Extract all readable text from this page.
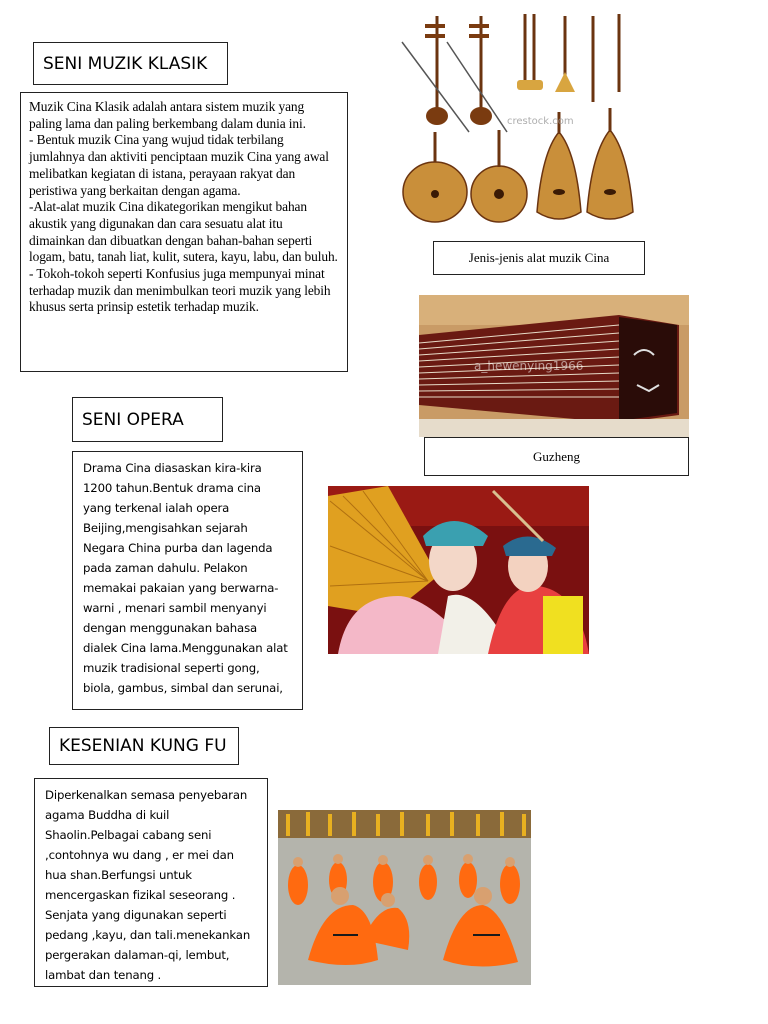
SENI MUZIK KLASIK

Muzik Cina Klasik adalah antara sistem muzik yang paling lama dan paling berkembang dalam dunia ini.

- Bentuk muzik Cina yang wujud tidak terbilang jumlahnya dan aktiviti penciptaan muzik Cina yang awal melibatkan kegiatan di istana, perayaan rakyat dan peristiwa yang berkaitan dengan agama.

-Alat-alat muzik Cina dikategorikan mengikut bahan akustik yang digunakan dan cara sesuatu alat itu dimainkan dan dibuatkan dengan bahan-bahan seperti logam, batu, tanah liat, kulit, sutera, kayu, labu, dan buluh.

- Tokoh-tokoh seperti Konfusius juga mempunyai minat terhadap muzik dan menimbulkan teori muzik yang lebih khusus serta prinsip estetik terhadap muzik.

crestock.com
Jenis-jenis alat muzik Cina
a_hewenying1966
Guzheng
SENI OPERA

Drama Cina diasaskan kira-kira 1200 tahun.Bentuk drama cina yang terkenal ialah opera Beijing,mengisahkan sejarah Negara China purba dan lagenda pada zaman dahulu. Pelakon memakai pakaian yang berwarna-warni , menari sambil menyanyi dengan menggunakan bahasa dialek Cina lama.Menggunakan alat muzik tradisional seperti gong, biola, gambus, simbal dan serunai,

KESENIAN KUNG FU

Diperkenalkan semasa penyebaran agama Buddha di kuil Shaolin.Pelbagai cabang seni ,contohnya wu dang , er mei dan hua shan.Berfungsi untuk mencergaskan fizikal seseorang . Senjata yang digunakan seperti pedang ,kayu, dan tali.menekankan pergerakan dalaman-qi, lembut, lambat dan tenang .
